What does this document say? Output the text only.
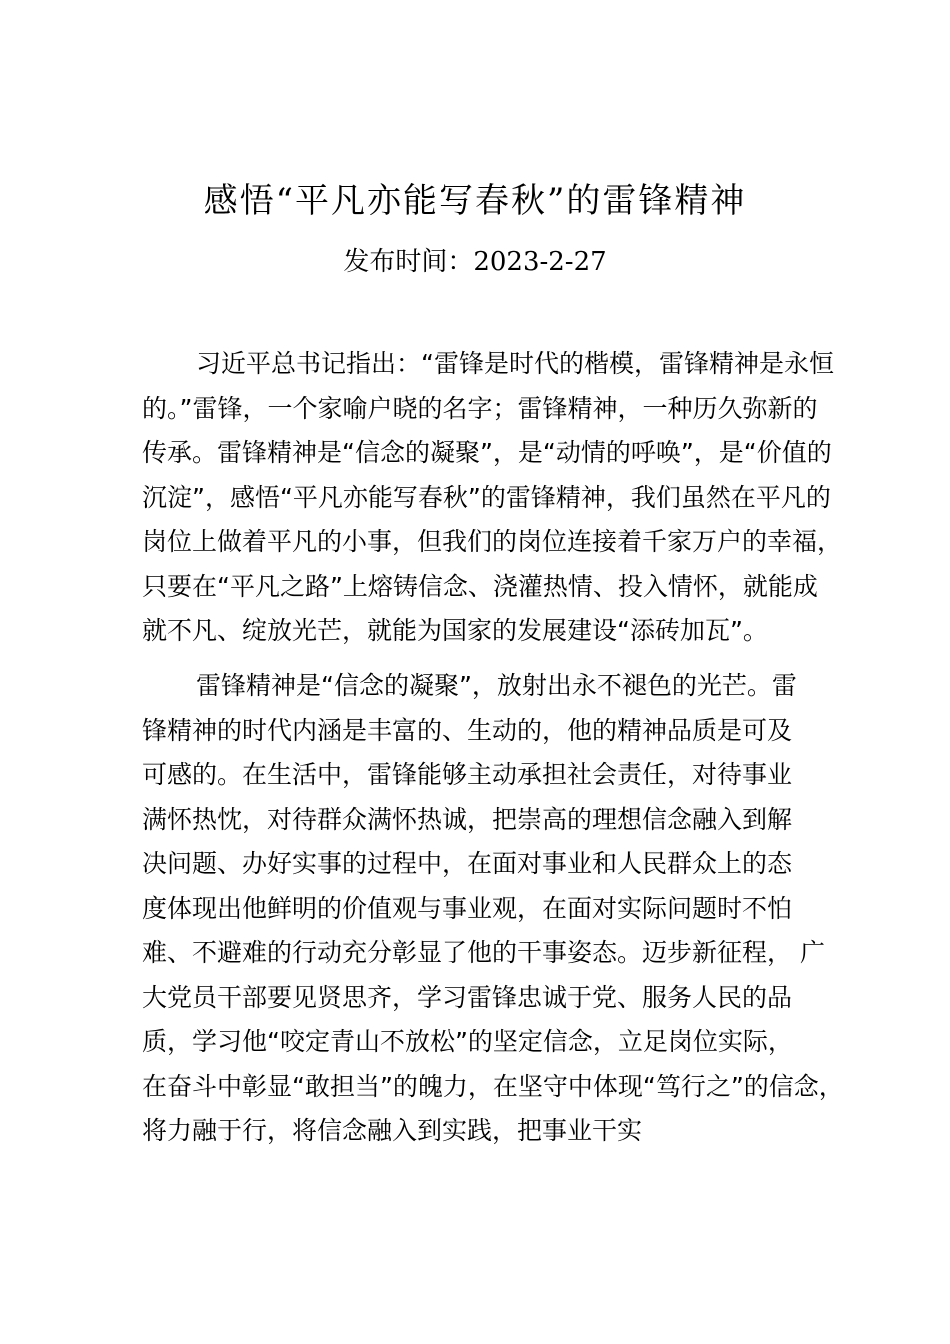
感悟“平凡亦能写春秋”的雷锋精神
发布时间：2023-2-27
习近平总书记指出：“雷锋是时代的楷模，雷锋精神是永恒
的。”雷锋，一个家喻户晓的名字；雷锋精神，一种历久弥新的
传承。雷锋精神是“信念的凝聚”，是“动情的呼唤”，是“价值的
沉淀”，感悟“平凡亦能写春秋”的雷锋精神，我们虽然在平凡的
岗位上做着平凡的小事，但我们的岗位连接着千家万户的幸福，
只要在“平凡之路”上熔铸信念、浇灌热情、投入情怀，就能成
就不凡、绽放光芒，就能为国家的发展建设“添砖加瓦”。
雷锋精神是“信念的凝聚”，放射出永不褪色的光芒。雷
锋精神的时代内涵是丰富的、生动的，他的精神品质是可及
可感的。在生活中，雷锋能够主动承担社会责任，对待事业
满怀热忱，对待群众满怀热诚，把崇高的理想信念融入到解
决问题、办好实事的过程中，在面对事业和人民群众上的态
度体现出他鲜明的价值观与事业观，在面对实际问题时不怕
难、不避难的行动充分彰显了他的干事姿态。迈步新征程， 广
大党员干部要见贤思齐，学习雷锋忠诚于党、服务人民的品
质，学习他“咬定青山不放松”的坚定信念，立足岗位实际，
在奋斗中彰显“敢担当”的魄力，在坚守中体现“笃行之”的信念，
将力融于行，将信念融入到实践，把事业干实
